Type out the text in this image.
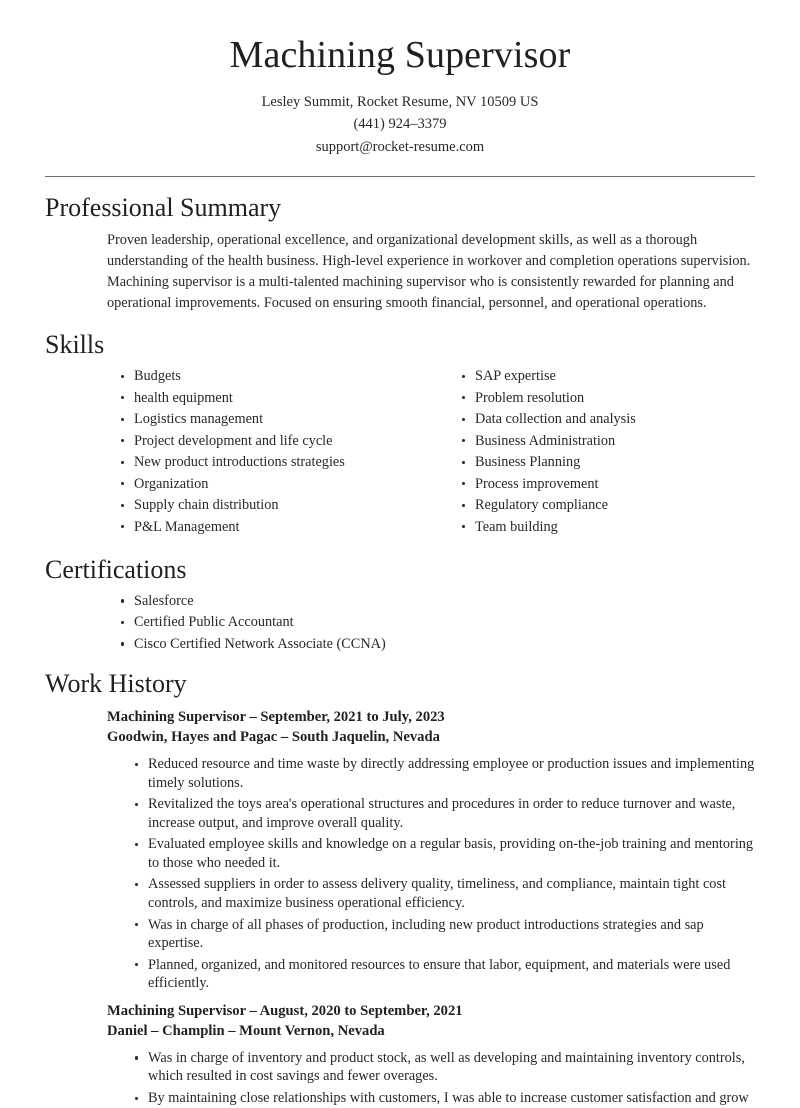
Machining Supervisor
Lesley Summit, Rocket Resume, NV 10509 US
(441) 924–3379
support@rocket-resume.com
Professional Summary

Proven leadership, operational excellence, and organizational development skills, as well as a thorough understanding of the health business. High-level experience in workover and completion operations supervision. Machining supervisor is a multi-talented machining supervisor who is consistently rewarded for planning and operational improvements. Focused on ensuring smooth financial, personnel, and operational operations.

Skills
Budgets
health equipment
Logistics management
Project development and life cycle
New product introductions strategies
Organization
Supply chain distribution
P&L Management
SAP expertise
Problem resolution
Data collection and analysis
Business Administration
Business Planning
Process improvement
Regulatory compliance
Team building
Certifications
Salesforce
Certified Public Accountant
Cisco Certified Network Associate (CCNA)
Work History
Machining Supervisor – September, 2021 to July, 2023
Goodwin, Hayes and Pagac – South Jaquelin, Nevada
Reduced resource and time waste by directly addressing employee or production issues and implementing timely solutions.
Revitalized the toys area's operational structures and procedures in order to reduce turnover and waste, increase output, and improve overall quality.
Evaluated employee skills and knowledge on a regular basis, providing on-the-job training and mentoring to those who needed it.
Assessed suppliers in order to assess delivery quality, timeliness, and compliance, maintain tight cost controls, and maximize business operational efficiency.
Was in charge of all phases of production, including new product introductions strategies and sap expertise.
Planned, organized, and monitored resources to ensure that labor, equipment, and materials were used efficiently.
Machining Supervisor – August, 2020 to September, 2021
Daniel – Champlin – Mount Vernon, Nevada
Was in charge of inventory and product stock, as well as developing and maintaining inventory controls, which resulted in cost savings and fewer overages.
By maintaining close relationships with customers, I was able to increase customer satisfaction and grow
